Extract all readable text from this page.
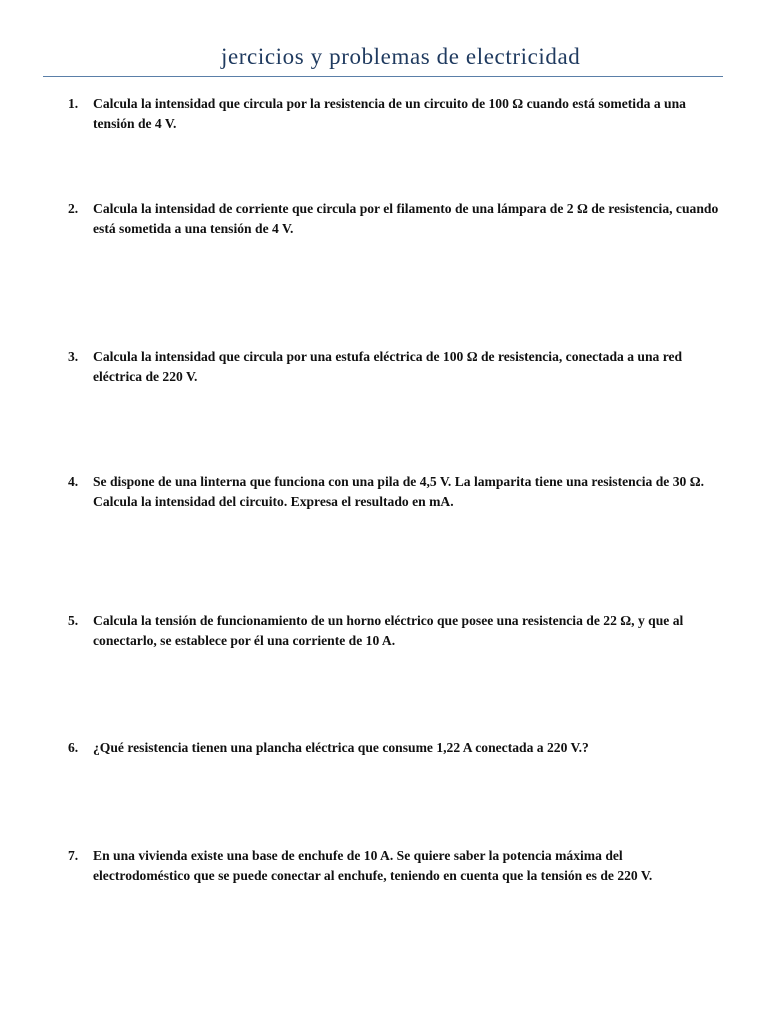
jercicios y problemas de electricidad
1.	Calcula la intensidad que circula por la resistencia de un circuito de 100 Ω cuando está sometida a una tensión de 4 V.
2.	Calcula la intensidad de corriente que circula por el filamento de una lámpara de 2 Ω de resistencia, cuando está sometida a una tensión de 4 V.
3.	Calcula la intensidad que circula por una estufa eléctrica de 100 Ω de resistencia, conectada a una red eléctrica de 220 V.
4.	Se dispone de una linterna que funciona con una pila de 4,5 V. La lamparita tiene una resistencia de 30 Ω. Calcula la intensidad del circuito. Expresa el resultado en mA.
5.	Calcula la tensión de funcionamiento de un horno eléctrico que posee una resistencia de 22 Ω, y que al conectarlo, se establece por él una corriente de 10 A.
6.	¿Qué resistencia tienen una plancha eléctrica que consume 1,22 A conectada a 220 V.?
7.	En una vivienda existe una base de enchufe de 10 A. Se quiere saber la potencia máxima del electrodoméstico que se puede conectar al enchufe, teniendo en cuenta que la tensión es de 220 V.
